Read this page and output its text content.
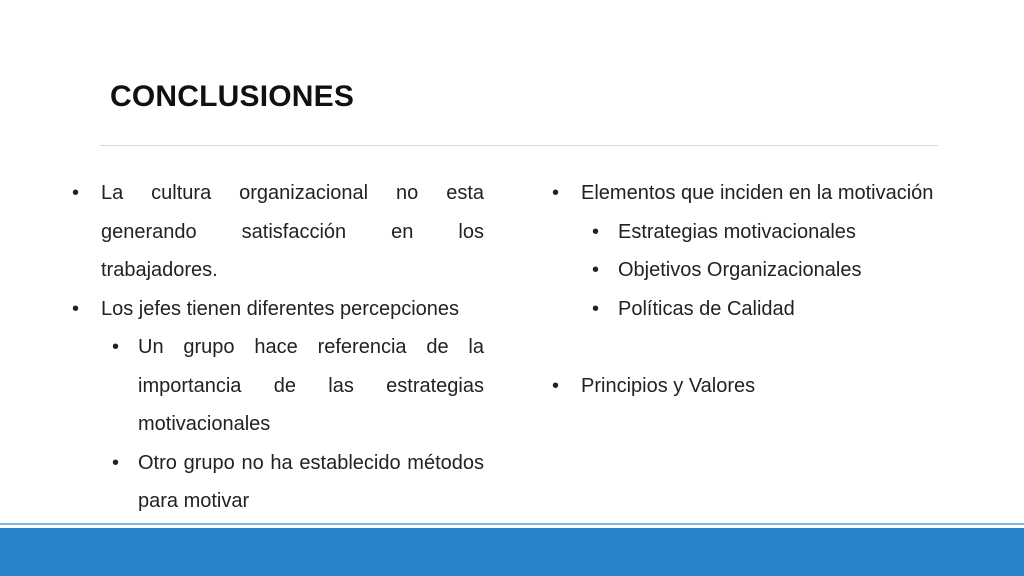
CONCLUSIONES
• La cultura organizacional no esta generando satisfacción en los trabajadores.
• Los jefes tienen diferentes percepciones
• Un grupo hace referencia de la importancia de las estrategias motivacionales
• Otro grupo no ha establecido métodos para motivar
• Elementos que inciden en la motivación
• Estrategias motivacionales
• Objetivos Organizacionales
• Políticas de Calidad
• Principios y Valores
